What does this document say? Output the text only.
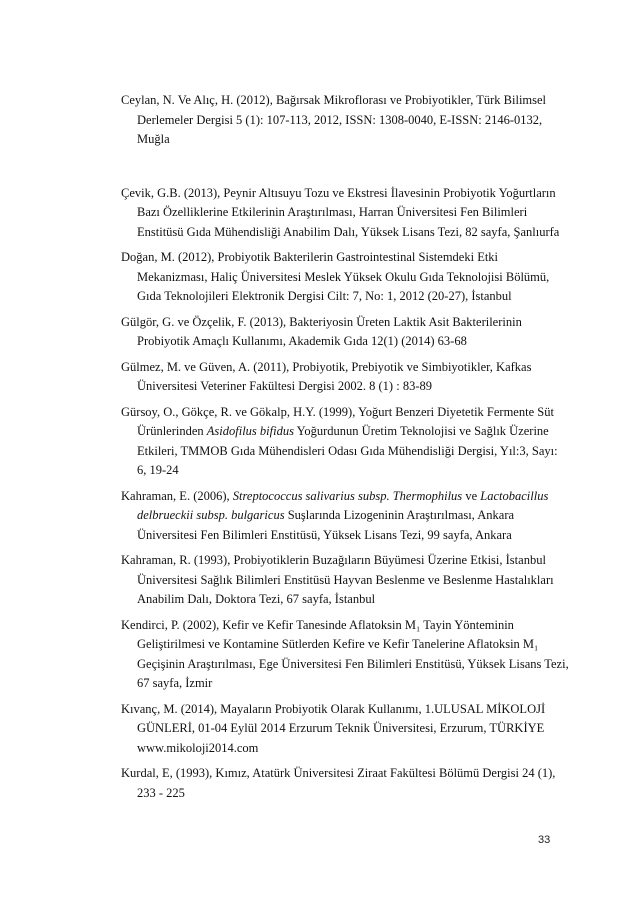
Ceylan, N. Ve Alıç, H. (2012), Bağırsak Mikroflorası ve Probiyotikler, Türk Bilimsel Derlemeler Dergisi 5 (1): 107-113, 2012, ISSN: 1308-0040, E-ISSN: 2146-0132, Muğla

Çevik, G.B. (2013), Peynir Altısuyu Tozu ve Ekstresi İlavesinin Probiyotik Yoğurtların Bazı Özelliklerine Etkilerinin Araştırılması, Harran Üniversitesi Fen Bilimleri Enstitüsü Gıda Mühendisliği Anabilim Dalı, Yüksek Lisans Tezi, 82 sayfa, Şanlıurfa

Doğan, M. (2012), Probiyotik Bakterilerin Gastrointestinal Sistemdeki Etki Mekanizması, Haliç Üniversitesi Meslek Yüksek Okulu Gıda Teknolojisi Bölümü, Gıda Teknolojileri Elektronik Dergisi Cilt: 7, No: 1, 2012 (20-27), İstanbul

Gülgör, G. ve Özçelik, F. (2013), Bakteriyosin Üreten Laktik Asit Bakterilerinin Probiyotik Amaçlı Kullanımı, Akademik Gıda 12(1) (2014) 63-68

Gülmez, M. ve Güven, A. (2011), Probiyotik, Prebiyotik ve Simbiyotikler, Kafkas Üniversitesi Veteriner Fakültesi Dergisi 2002. 8 (1) : 83-89

Gürsoy, O., Gökçe, R. ve Gökalp, H.Y. (1999), Yoğurt Benzeri Diyetetik Fermente Süt Ürünlerinden Asidofilus bifidus Yoğurdunun Üretim Teknolojisi ve Sağlık Üzerine Etkileri, TMMOB Gıda Mühendisleri Odası Gıda Mühendisliği Dergisi, Yıl:3, Sayı: 6, 19-24

Kahraman, E. (2006), Streptococcus salivarius subsp. Thermophilus ve Lactobacillus delbrueckii subsp. bulgaricus Suşlarında Lizogeninin Araştırılması, Ankara Üniversitesi Fen Bilimleri Enstitüsü, Yüksek Lisans Tezi, 99 sayfa, Ankara

Kahraman, R. (1993), Probiyotiklerin Buzağıların Büyümesi Üzerine Etkisi, İstanbul Üniversitesi Sağlık Bilimleri Enstitüsü Hayvan Beslenme ve Beslenme Hastalıkları Anabilim Dalı, Doktora Tezi, 67 sayfa, İstanbul

Kendirci, P. (2002), Kefir ve Kefir Tanesinde Aflatoksin M₁ Tayin Yönteminin Geliştirilmesi ve Kontamine Sütlerden Kefire ve Kefir Tanelerine Aflatoksin M₁ Geçişinin Araştırılması, Ege Üniversitesi Fen Bilimleri Enstitüsü, Yüksek Lisans Tezi, 67 sayfa, İzmir

Kıvanç, M. (2014), Mayaların Probiyotik Olarak Kullanımı, 1.ULUSAL MİKOLOJİ GÜNLERİ, 01-04 Eylül 2014 Erzurum Teknik Üniversitesi, Erzurum, TÜRKİYE www.mikoloji2014.com

Kurdal, E, (1993), Kımız, Atatürk Üniversitesi Ziraat Fakültesi Bölümü Dergisi 24 (1), 233 - 225

33
